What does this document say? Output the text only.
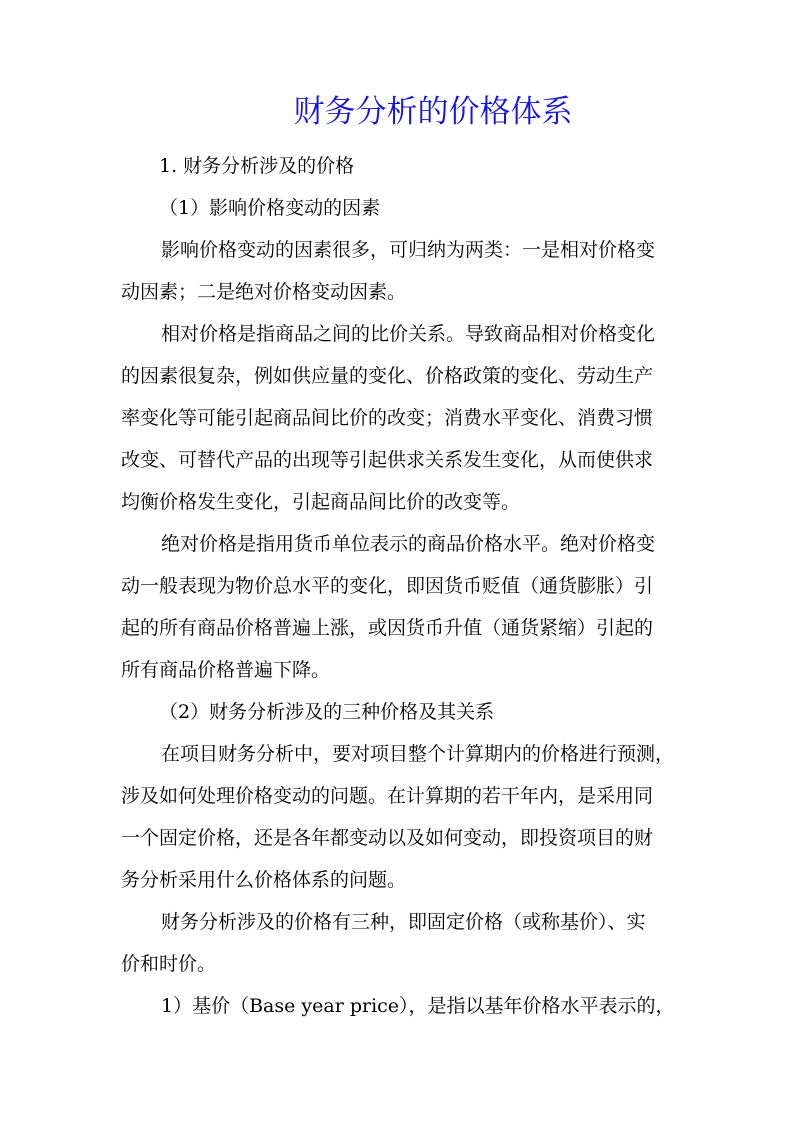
财务分析的价格体系

1. 财务分析涉及的价格

（1）影响价格变动的因素

影响价格变动的因素很多，可归纳为两类：一是相对价格变

动因素；二是绝对价格变动因素。

相对价格是指商品之间的比价关系。导致商品相对价格变化

的因素很复杂，例如供应量的变化、价格政策的变化、劳动生产

率变化等可能引起商品间比价的改变；消费水平变化、消费习惯

改变、可替代产品的出现等引起供求关系发生变化，从而使供求

均衡价格发生变化，引起商品间比价的改变等。

绝对价格是指用货币单位表示的商品价格水平。绝对价格变

动一般表现为物价总水平的变化，即因货币贬值（通货膨胀）引

起的所有商品价格普遍上涨，或因货币升值（通货紧缩）引起的

所有商品价格普遍下降。

（2）财务分析涉及的三种价格及其关系

在项目财务分析中，要对项目整个计算期内的价格进行预测，

涉及如何处理价格变动的问题。在计算期的若干年内，是采用同

一个固定价格，还是各年都变动以及如何变动，即投资项目的财

务分析采用什么价格体系的问题。

财务分析涉及的价格有三种，即固定价格（或称基价）、实

价和时价。

1）基价（Base year price），是指以基年价格水平表示的，
